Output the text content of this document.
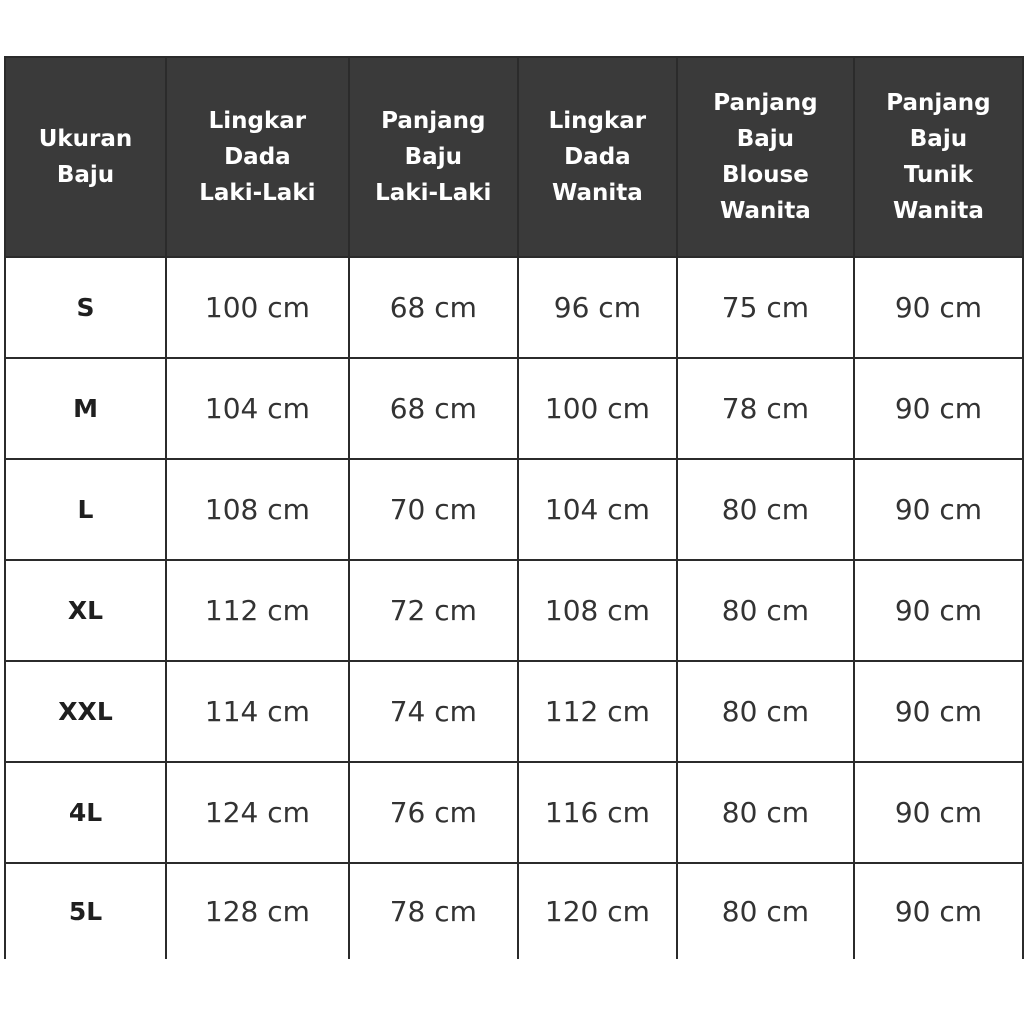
Ukuran
Baju	Lingkar
Dada
Laki-Laki	Panjang
Baju
Laki-Laki	Lingkar
Dada
Wanita	Panjang
Baju
Blouse
Wanita	Panjang
Baju
Tunik
Wanita

S	100 cm	68 cm	96 cm	75 cm	90 cm
M	104 cm	68 cm	100 cm	78 cm	90 cm
L	108 cm	70 cm	104 cm	80 cm	90 cm
XL	112 cm	72 cm	108 cm	80 cm	90 cm
XXL	114 cm	74 cm	112 cm	80 cm	90 cm
4L	124 cm	76 cm	116 cm	80 cm	90 cm
5L	128 cm	78 cm	120 cm	80 cm	90 cm
